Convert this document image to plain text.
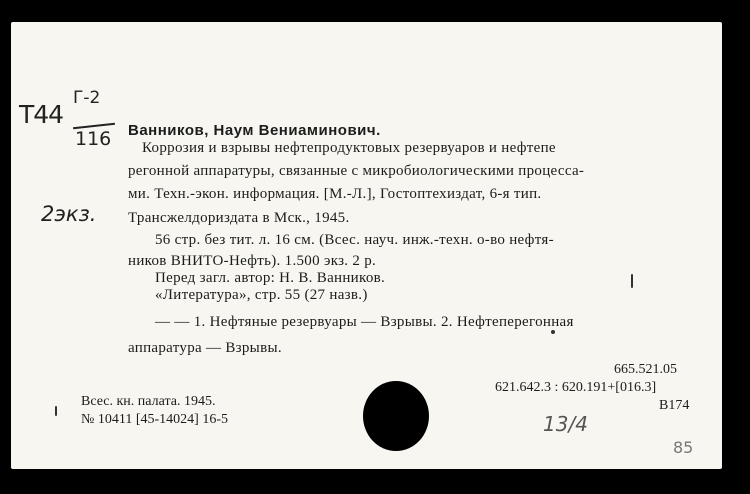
T44
Г-2
116
2экз.
Ванников, Наум Вениаминович.
Коррозия и взрывы нефтепродуктовых резервуаров и нефтепе
регонной аппаратуры, связанные с микробиологическими процесса-
ми. Техн.-экон. информация. [М.-Л.], Гостоптехиздат, 6-я тип.
Трансжелдориздата в Мск., 1945.
56 стр. без тит. л. 16 см. (Всес. науч. инж.-техн. о-во нефтя-
ников ВНИТО-Нефть). 1.500 экз. 2 р.
Перед загл. автор: Н. В. Ванников.
«Литература», стр. 55 (27 назв.)
— — 1. Нефтяные резервуары — Взрывы. 2. Нефтеперегонная
аппаратура — Взрывы.
665.521.05
621.642.3 : 620.191+[016.3]
В174
Всес. кн. палата. 1945.
№ 10411 [45-14024] 16-5	13/4
85
